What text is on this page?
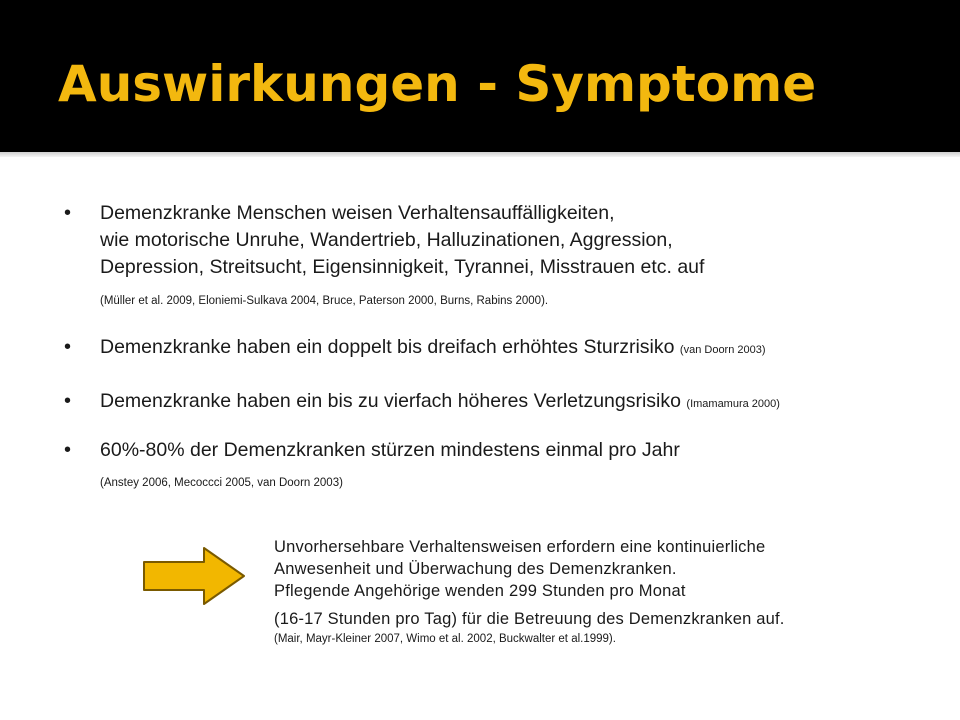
Auswirkungen - Symptome
• Demenzkranke Menschen weisen Verhaltensauffälligkeiten,
wie motorische Unruhe, Wandertrieb, Halluzinationen, Aggression,
Depression, Streitsucht, Eigensinnigkeit, Tyrannei, Misstrauen etc. auf

(Müller et al. 2009, Eloniemi-Sulkava 2004, Bruce, Paterson 2000, Burns, Rabins 2000).
• Demenzkranke haben ein doppelt bis dreifach erhöhtes Sturzrisiko (van Doorn 2003)

• Demenzkranke haben ein bis zu vierfach höheres Verletzungsrisiko (Imamamura 2000)

• 60%-80% der Demenzkranken stürzen mindestens einmal pro Jahr

(Anstey 2006, Mecoccci 2005, van Doorn 2003)
Unvorhersehbare Verhaltensweisen erfordern eine kontinuierliche
Anwesenheit und Überwachung des Demenzkranken.
Pflegende Angehörige wenden 299 Stunden pro Monat
(16-17 Stunden pro Tag) für die Betreuung des Demenzkranken auf.
(Mair, Mayr-Kleiner 2007, Wimo et al. 2002, Buckwalter et al.1999).
